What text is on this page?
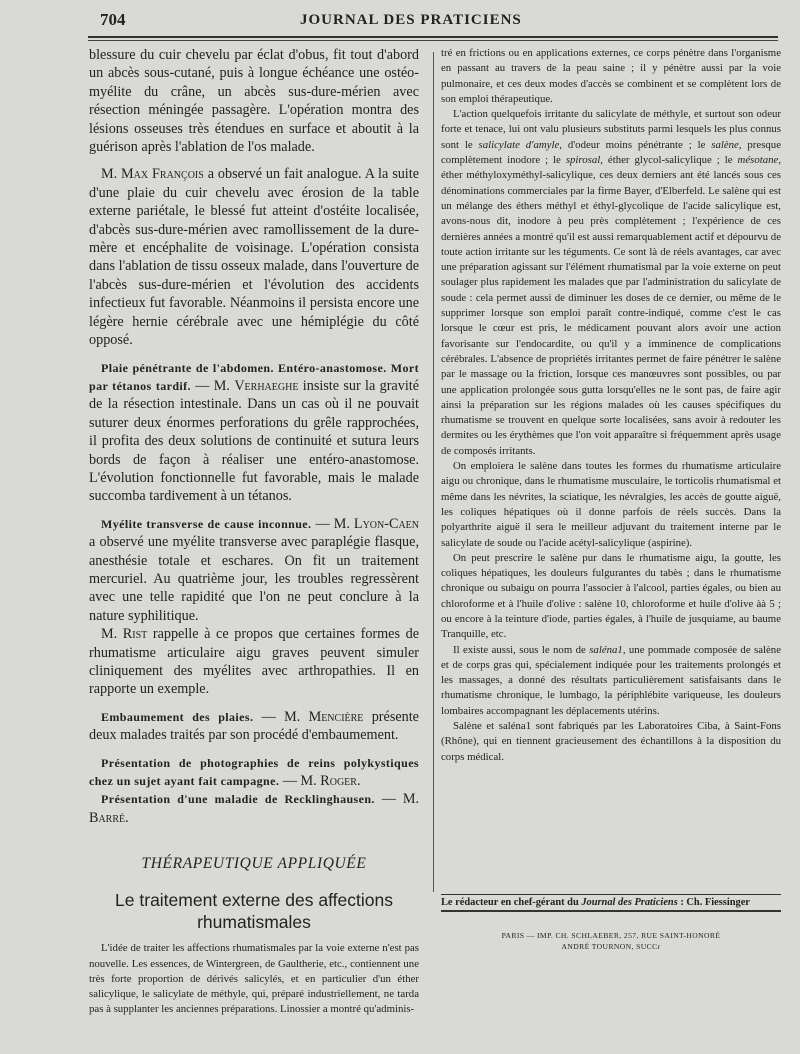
704	JOURNAL DES PRATICIENS

blessure du cuir chevelu par éclat d'obus, fit tout d'abord un abcès sous-cutané, puis à longue échéance une ostéo-myélite du crâne, un abcès sus-dure-mérien avec résection méningée passagère. L'opération montra des lésions osseuses très étendues en surface et aboutit à la guérison après l'ablation de l'os malade.

M. Max François a observé un fait analogue. A la suite d'une plaie du cuir chevelu avec érosion de la table externe pariétale, le blessé fut atteint d'ostéite localisée, d'abcès sus-dure-mérien avec ramollissement de la dure-mère et encéphalite de voisinage. L'opération consista dans l'ablation de tissu osseux malade, dans l'ouverture de l'abcès sus-dure-mérien et l'évolution des accidents infectieux fut favorable. Néanmoins il persista encore une légère hernie cérébrale avec une hémiplégie du côté opposé.

Plaie pénétrante de l'abdomen. Entéro-anastomose. Mort par tétanos tardif. — M. Verhaeghe insiste sur la gravité de la résection intestinale. Dans un cas où il ne pouvait suturer deux énormes perforations du grêle rapprochées, il profita des deux solutions de continuité et sutura leurs bords de façon à réaliser une entéro-anastomose. L'évolution fonctionnelle fut favorable, mais le malade succomba tardivement à un tétanos.

Myélite transverse de cause inconnue. — M. Lyon-Caen a observé une myélite transverse avec paraplégie flasque, anesthésie totale et eschares. On fit un traitement mercuriel. Au quatrième jour, les troubles regressèrent avec une telle rapidité que l'on ne peut conclure à la nature syphilitique.

M. Rist rappelle à ce propos que certaines formes de rhumatisme articulaire aigu graves peuvent simuler cliniquement des myélites avec arthropathies. Il en rapporte un exemple.

Embaumement des plaies. — M. Mencière présente deux malades traités par son procédé d'embaumement.

Présentation de photographies de reins polykystiques chez un sujet ayant fait campagne. — M. Roger.

Présentation d'une maladie de Recklinghausen. — M. Barré.

THÉRAPEUTIQUE APPLIQUÉE
Le traitement externe des affections
rhumatismales

L'idée de traiter les affections rhumatismales par la voie externe n'est pas nouvelle. Les essences, de Wintergreen, de Gaultherie, etc., contiennent une très forte proportion de dérivés salicylés, et en particulier d'un éther salicylique, le salicylate de méthyle, qui, préparé industriellement, ne tarda pas à supplanter les anciennes préparations. Linossier a montré qu'adminis-

tré en frictions ou en applications externes, ce corps pénètre dans l'organisme en passant au travers de la peau saine ; il y pénètre aussi par la voie pulmonaire, et ces deux modes d'accès se combinent et se complètent lors de son emploi thérapeutique.

L'action quelquefois irritante du salicylate de méthyle, et surtout son odeur forte et tenace, lui ont valu plusieurs substituts parmi lesquels les plus connus sont le salicylate d'amyle, d'odeur moins pénétrante ; le salène, presque complètement inodore ; le spirosal, éther glycol-salicylique ; le mésotane, éther méthyloxyméthyl-salicylique, ces deux derniers ant été lancés sous ces dénominations commerciales par la firme Bayer, d'Elberfeld. Le salène qui est un mélange des éthers méthyl et éthyl-glycolique de l'acide salicylique est, avons-nous dit, inodore à peu près complètement ; l'expérience de ces dernières années a montré qu'il est aussi remarquablement actif et dépourvu de toute action irritante sur les téguments. Ce sont là de réels avantages, car avec une préparation agissant sur l'élément rhumatismal par la voie externe on peut soulager plus rapidement les malades que par l'administration du salicylate de soude : cela permet aussi de diminuer les doses de ce dernier, ou même de le supprimer lorsque son emploi paraît contre-indiqué, comme c'est le cas lorsque le cœur est pris, le médicament pouvant alors avoir une action favorisante sur l'endocardite, ou qu'il y a imminence de complications cérébrales. L'absence de propriétés irritantes permet de faire pénétrer le salène par le massage ou la friction, lorsque ces manœuvres sont possibles, ou par une application prolongée sous gutta lorsqu'elles ne le sont pas, de faire agir ainsi la préparation sur les régions malades où les causes spécifiques du rhumatisme se trouvent en quelque sorte localisées, sans avoir à redouter les dermites ou les érythèmes que l'on voit apparaître si fréquemment après usage de composés irritants.

On emploiera le salène dans toutes les formes du rhumatisme articulaire aigu ou chronique, dans le rhumatisme musculaire, le torticolis rhumatismal et même dans les névrites, la sciatique, les névralgies, les accès de goutte aiguë, les coliques hépatiques où il donne parfois de réels succès. Dans la polyarthrite aiguë il sera le meilleur adjuvant du traitement interne par le salicylate de soude ou l'acide acétyl-salicylique (aspirine).

On peut prescrire le salène pur dans le rhumatisme aigu, la goutte, les coliques hépatiques, les douleurs fulgurantes du tabès ; dans le rhumatisme chronique ou subaigu on pourra l'associer à l'alcool, parties égales, ou bien au chloroforme et à l'huile d'olive : salène 10, chloroforme et huile d'olive àà 5 ; ou encore à la teinture d'iode, parties égales, à l'huile de jusquiame, au baume Tranquille, etc.

Il existe aussi, sous le nom de saléna1, une pommade composée de salène et de corps gras qui, spécialement indiquée pour les traitements prolongés et les massages, a donné des résultats particulièrement satisfaisants dans le rhumatisme chronique, le lumbago, la périphlébite variqueuse, les douleurs lombaires accompagnant les déplacements utérins.

Salène et saléna1 sont fabriqués par les Laboratoires Ciba, à Saint-Fons (Rhône), qui en tiennent gracieusement des échantillons à la disposition du corps médical.

Le rédacteur en chef-gérant du Journal des Praticiens : Ch. Fiessinger
PARIS — IMP. CH. SCHLAEBER, 257, RUE SAINT-HONORÉ
ANDRÉ TOURNON, SUCCr
